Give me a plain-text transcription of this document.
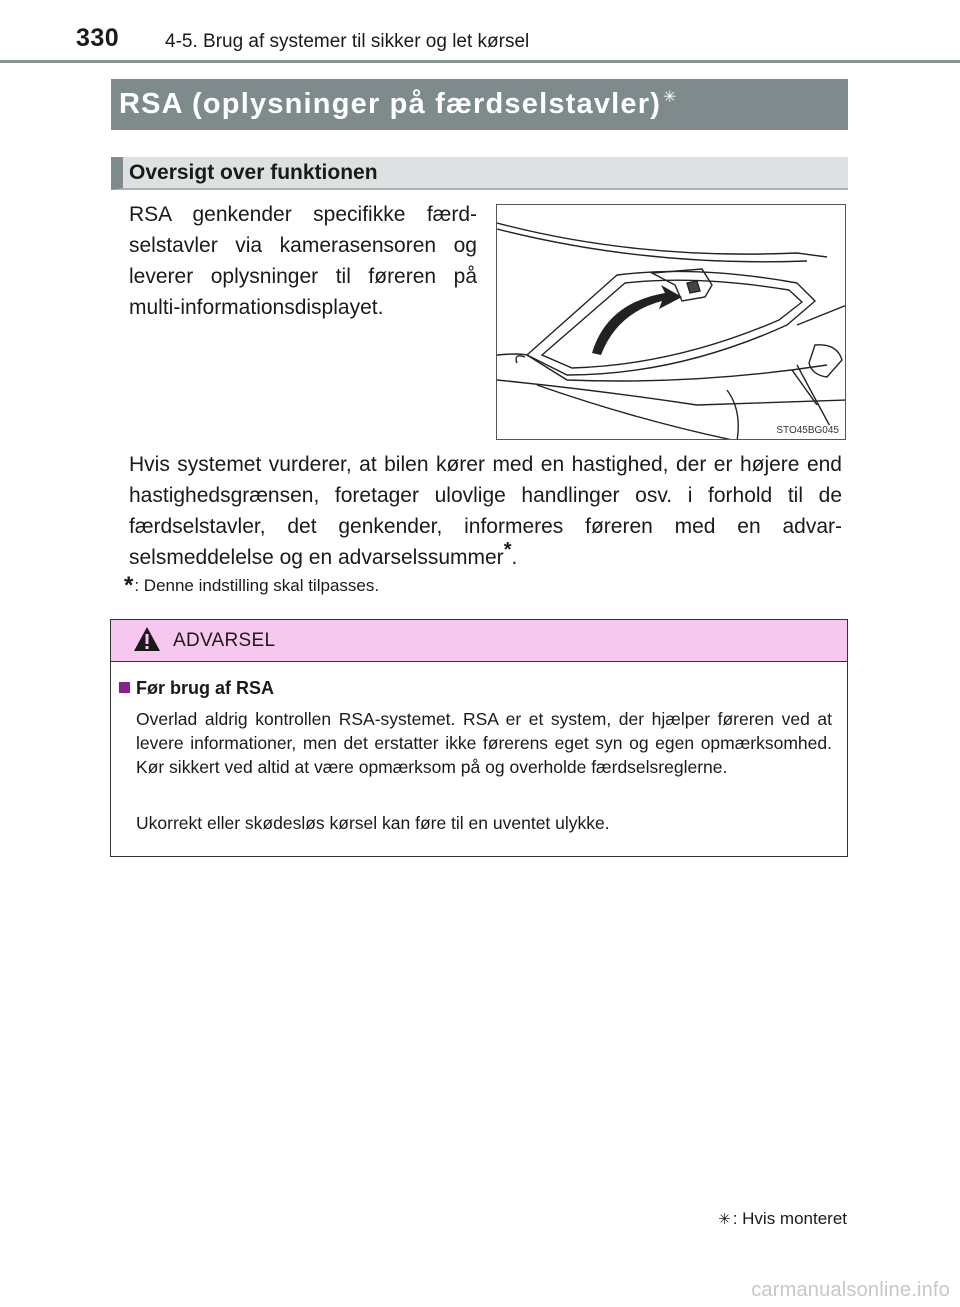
330 4-5. Brug af systemer til sikker og let kørsel
RSA (oplysninger på færdselstavler) ✳
Oversigt over funktionen
RSA genkender specifikke færdselstavler via kamerasensoren og leverer oplysninger til føreren på multi-informationsdisplayet.
STO45BG045
Hvis systemet vurderer, at bilen kører med en hastighed, der er højere end hastighedsgrænsen, foretager ulovlige handlinger osv. i forhold til de færdselstavler, det genkender, informeres føreren med en advarselsmeddelelse og en advarselssummer*.
*: Denne indstilling skal tilpasses.
ADVARSEL
Før brug af RSA
Overlad aldrig kontrollen RSA-systemet. RSA er et system, der hjælper føreren ved at levere informationer, men det erstatter ikke førerens eget syn og egen opmærksomhed. Kør sikkert ved altid at være opmærksom på og overholde færdselsreglerne.
Ukorrekt eller skødesløs kørsel kan føre til en uventet ulykke.
✳ : Hvis monteret
carmanualsonline.info
